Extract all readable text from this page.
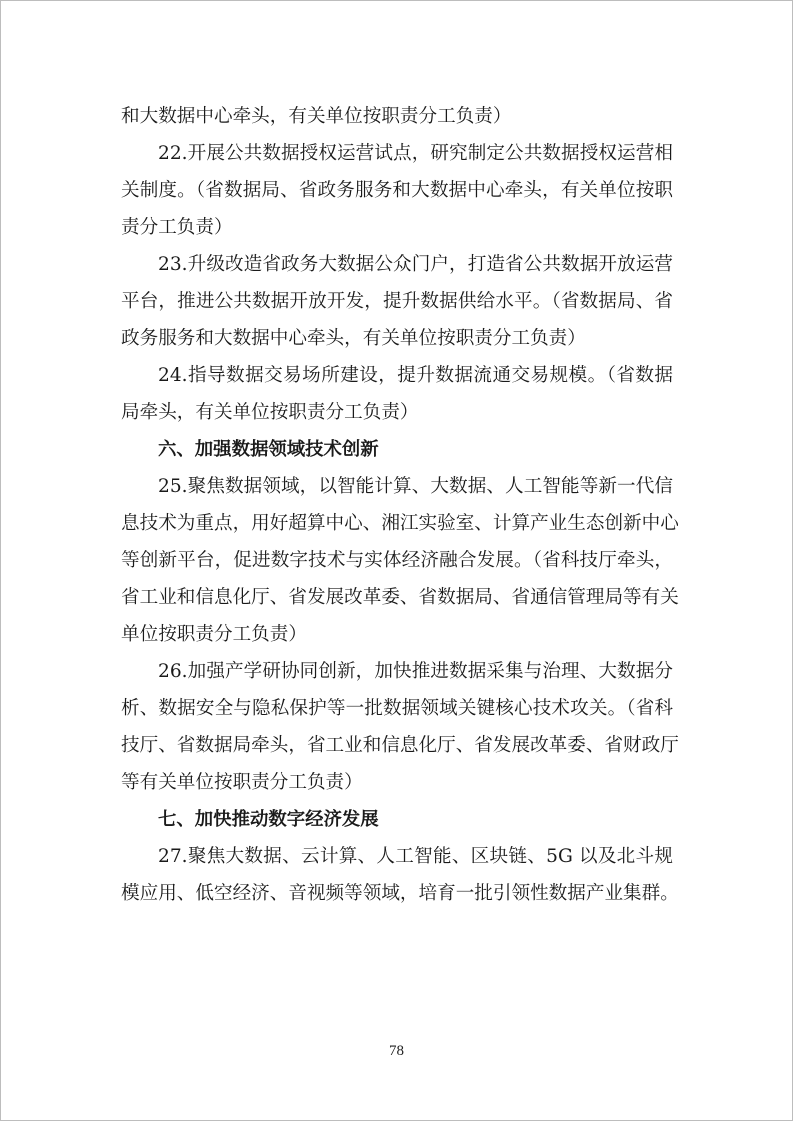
和大数据中心牵头，有关单位按职责分工负责）
22.开展公共数据授权运营试点，研究制定公共数据授权运营相
关制度。（省数据局、省政务服务和大数据中心牵头，有关单位按职
责分工负责）
23.升级改造省政务大数据公众门户，打造省公共数据开放运营
平台，推进公共数据开放开发，提升数据供给水平。（省数据局、省
政务服务和大数据中心牵头，有关单位按职责分工负责）
24.指导数据交易场所建设，提升数据流通交易规模。（省数据
局牵头，有关单位按职责分工负责）
六、加强数据领域技术创新
25.聚焦数据领域，以智能计算、大数据、人工智能等新一代信
息技术为重点，用好超算中心、湘江实验室、计算产业生态创新中心
等创新平台，促进数字技术与实体经济融合发展。（省科技厅牵头，
省工业和信息化厅、省发展改革委、省数据局、省通信管理局等有关
单位按职责分工负责）
26.加强产学研协同创新，加快推进数据采集与治理、大数据分
析、数据安全与隐私保护等一批数据领域关键核心技术攻关。（省科
技厅、省数据局牵头，省工业和信息化厅、省发展改革委、省财政厅
等有关单位按职责分工负责）
七、加快推动数字经济发展
27.聚焦大数据、云计算、人工智能、区块链、5G 以及北斗规
模应用、低空经济、音视频等领域，培育一批引领性数据产业集群。
78
